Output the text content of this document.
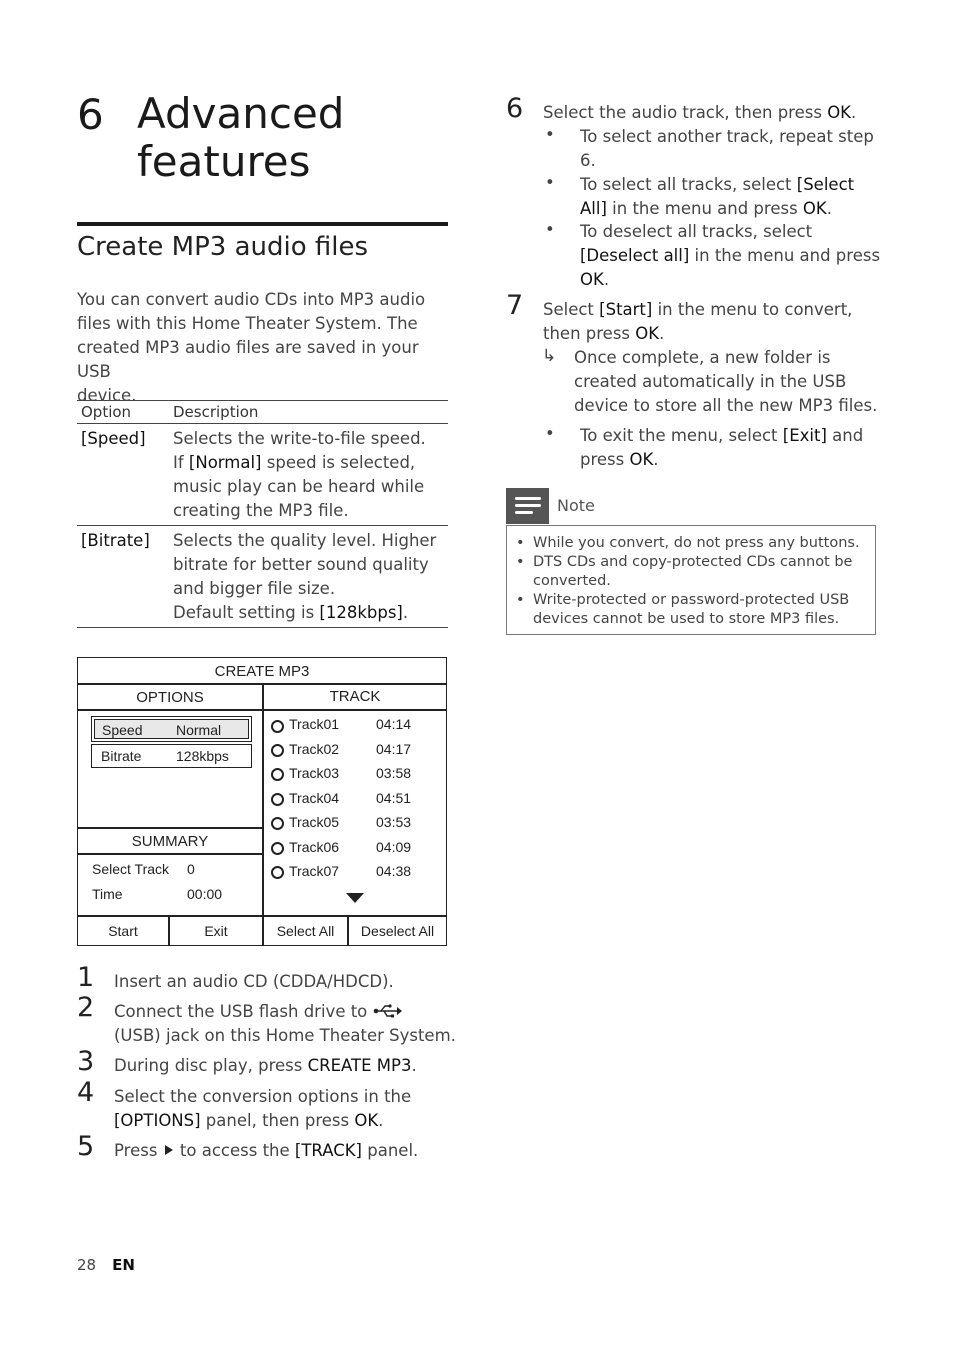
6 Advanced
features
Create MP3 audio files
You can convert audio CDs into MP3 audio
files with this Home Theater System. The
created MP3 audio files are saved in your USB
device.
Option	Description
[Speed]	Selects the write-to-file speed.
If [Normal] speed is selected,
music play can be heard while
creating the MP3 file.
[Bitrate]	Selects the quality level. Higher
bitrate for better sound quality
and bigger file size.
Default setting is [128kbps].
CREATE MP3
OPTIONS	TRACK
Speed Normal
Bitrate 128kbps
SUMMARY
Select Track 0
Time	00:00
Track01	04:14
Track02	04:17
Track03	03:58
Track04	04:51
Track05	03:53
Track06	04:09
Track07	04:38
Start	Exit	Select All	Deselect All
1 Insert an audio CD (CDDA/HDCD).
2 Connect the USB flash drive to
(USB) jack on this Home Theater System.
3 During disc play, press CREATE MP3.
4 Select the conversion options in the
[OPTIONS] panel, then press OK.
5 Press  to access the [TRACK] panel.
6 Select the audio track, then press OK.
• To select another track, repeat step
6.
• To select all tracks, select [Select
All] in the menu and press OK.
• To deselect all tracks, select
[Deselect all] in the menu and press
OK.
7 Select [Start] in the menu to convert,
then press OK.
↳ Once complete, a new folder is
created automatically in the USB
device to store all the new MP3 files.
• To exit the menu, select [Exit] and
press OK.
Note
• While you convert, do not press any buttons.
• DTS CDs and copy-protected CDs cannot be
converted.
• Write-protected or password-protected USB
devices cannot be used to store MP3 files.
28 EN
